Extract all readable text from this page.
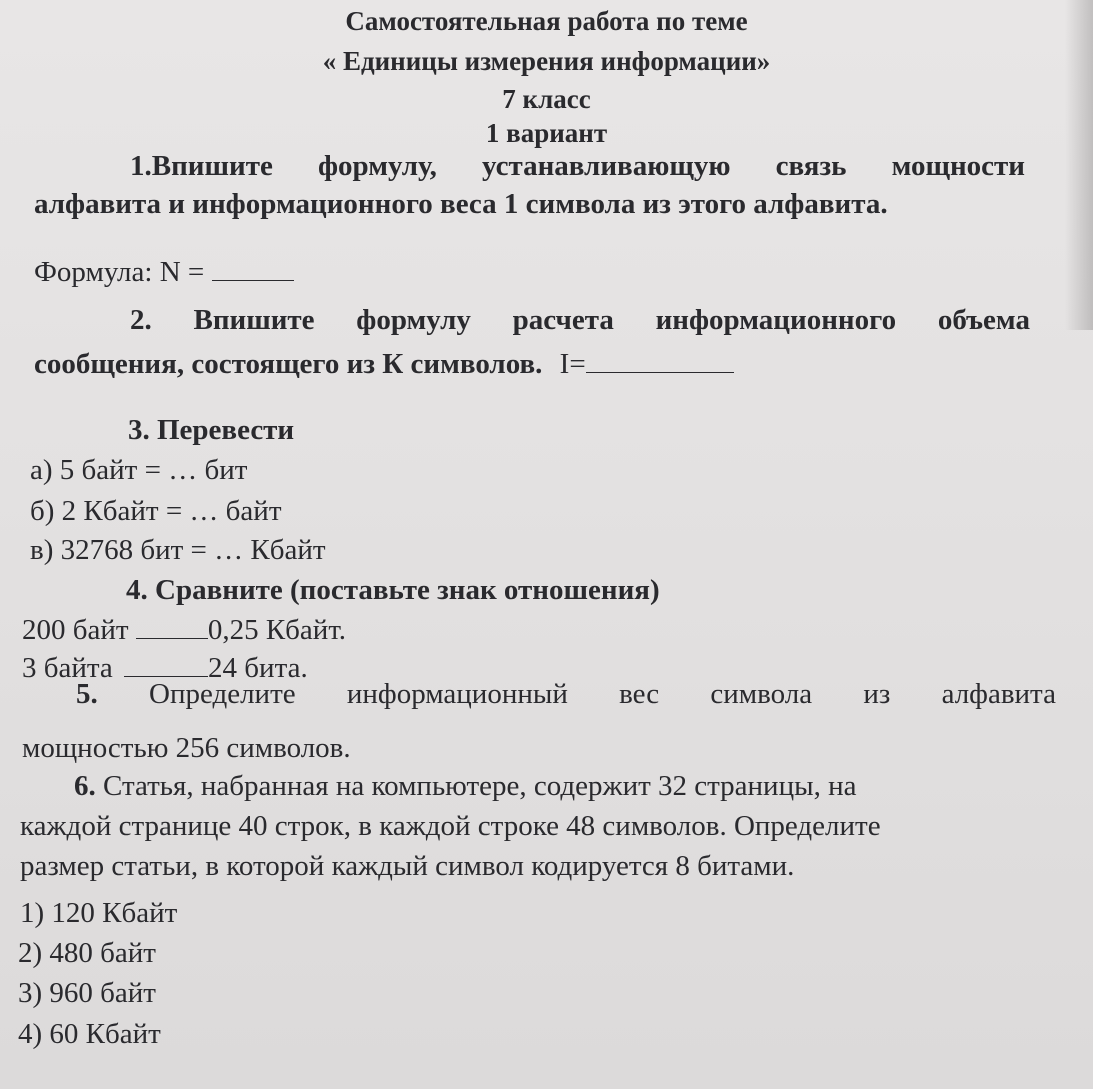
Самостоятельная работа по теме
« Единицы измерения информации»
7 класс
1 вариант
1.Впишите формулу, устанавливающую связь мощности
алфавита и информационного веса 1 символа из этого алфавита.
Формула: N =
2. Впишите формулу расчета информационного объема
сообщения, состоящего из К символов. I=
3. Перевести
а) 5 байт = … бит
б) 2 Кбайт = … байт
в) 32768 бит = … Кбайт
4. Сравните (поставьте знак отношения)
200 байт	0,25 Кбайт.
3 байта	24 бита.
5. Определите информационный вес символа из алфавита
мощностью 256 символов.
6. Статья, набранная на компьютере, содержит 32 страницы, на
каждой странице 40 строк, в каждой строке 48 символов. Определите
размер статьи, в которой каждый символ кодируется 8 битами.
1) 120 Кбайт
2) 480 байт
3) 960 байт
4) 60 Кбайт
